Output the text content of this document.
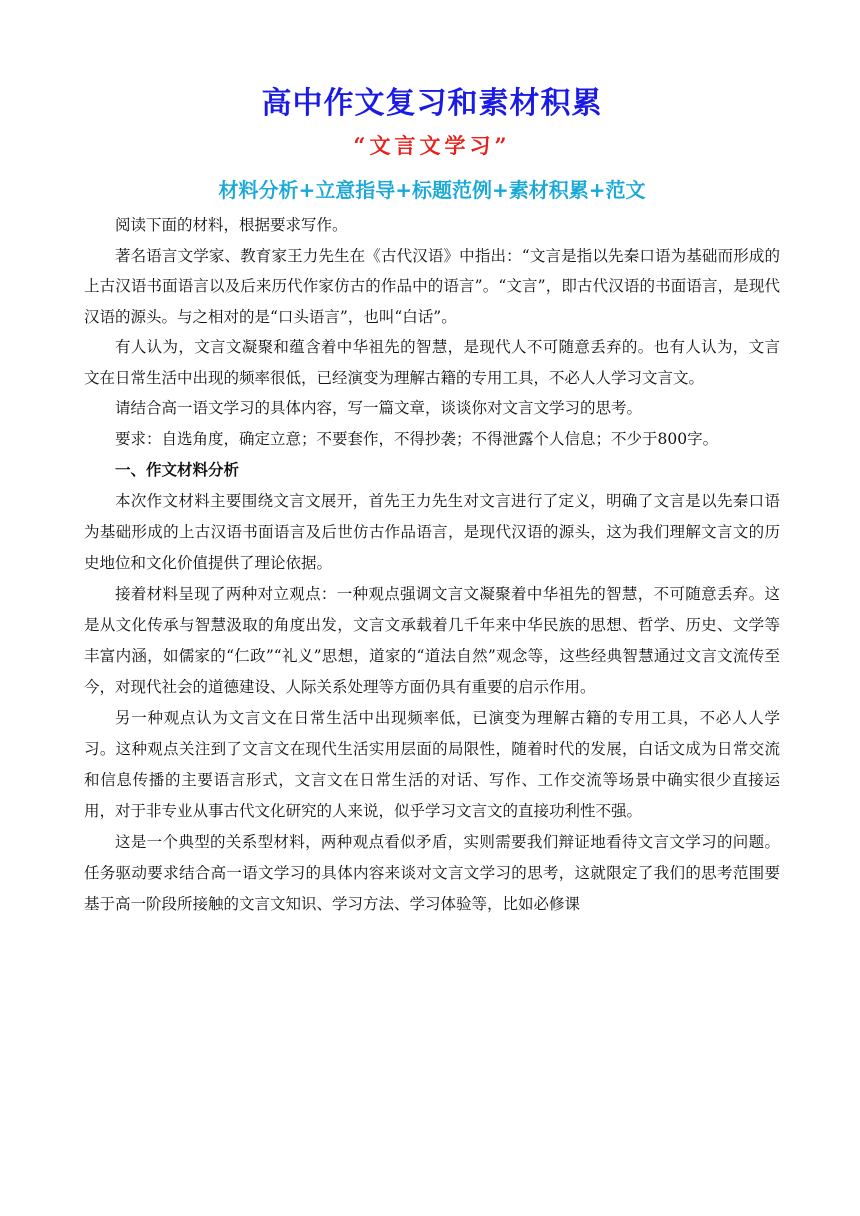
高中作文复习和素材积累
“文言文学习”
材料分析+立意指导+标题范例+素材积累+范文

阅读下面的材料，根据要求写作。

著名语言文学家、教育家王力先生在《古代汉语》中指出：“文言是指以先秦口语为基础而形成的上古汉语书面语言以及后来历代作家仿古的作品中的语言”。“文言”，即古代汉语的书面语言，是现代汉语的源头。与之相对的是“口头语言”，也叫“白话”。

有人认为，文言文凝聚和蕴含着中华祖先的智慧，是现代人不可随意丢弃的。也有人认为，文言文在日常生活中出现的频率很低，已经演变为理解古籍的专用工具，不必人人学习文言文。

请结合高一语文学习的具体内容，写一篇文章，谈谈你对文言文学习的思考。

要求：自选角度，确定立意；不要套作，不得抄袭；不得泄露个人信息；不少于800字。

一、作文材料分析

本次作文材料主要围绕文言文展开，首先王力先生对文言进行了定义，明确了文言是以先秦口语为基础形成的上古汉语书面语言及后世仿古作品语言，是现代汉语的源头，这为我们理解文言文的历史地位和文化价值提供了理论依据。

接着材料呈现了两种对立观点：一种观点强调文言文凝聚着中华祖先的智慧，不可随意丢弃。这是从文化传承与智慧汲取的角度出发，文言文承载着几千年来中华民族的思想、哲学、历史、文学等丰富内涵，如儒家的“仁政”“礼义”思想，道家的“道法自然”观念等，这些经典智慧通过文言文流传至今，对现代社会的道德建设、人际关系处理等方面仍具有重要的启示作用。

另一种观点认为文言文在日常生活中出现频率低，已演变为理解古籍的专用工具，不必人人学习。这种观点关注到了文言文在现代生活实用层面的局限性，随着时代的发展，白话文成为日常交流和信息传播的主要语言形式，文言文在日常生活的对话、写作、工作交流等场景中确实很少直接运用，对于非专业从事古代文化研究的人来说，似乎学习文言文的直接功利性不强。

这是一个典型的关系型材料，两种观点看似矛盾，实则需要我们辩证地看待文言文学习的问题。任务驱动要求结合高一语文学习的具体内容来谈对文言文学习的思考，这就限定了我们的思考范围要基于高一阶段所接触的文言文知识、学习方法、学习体验等，比如必修课
